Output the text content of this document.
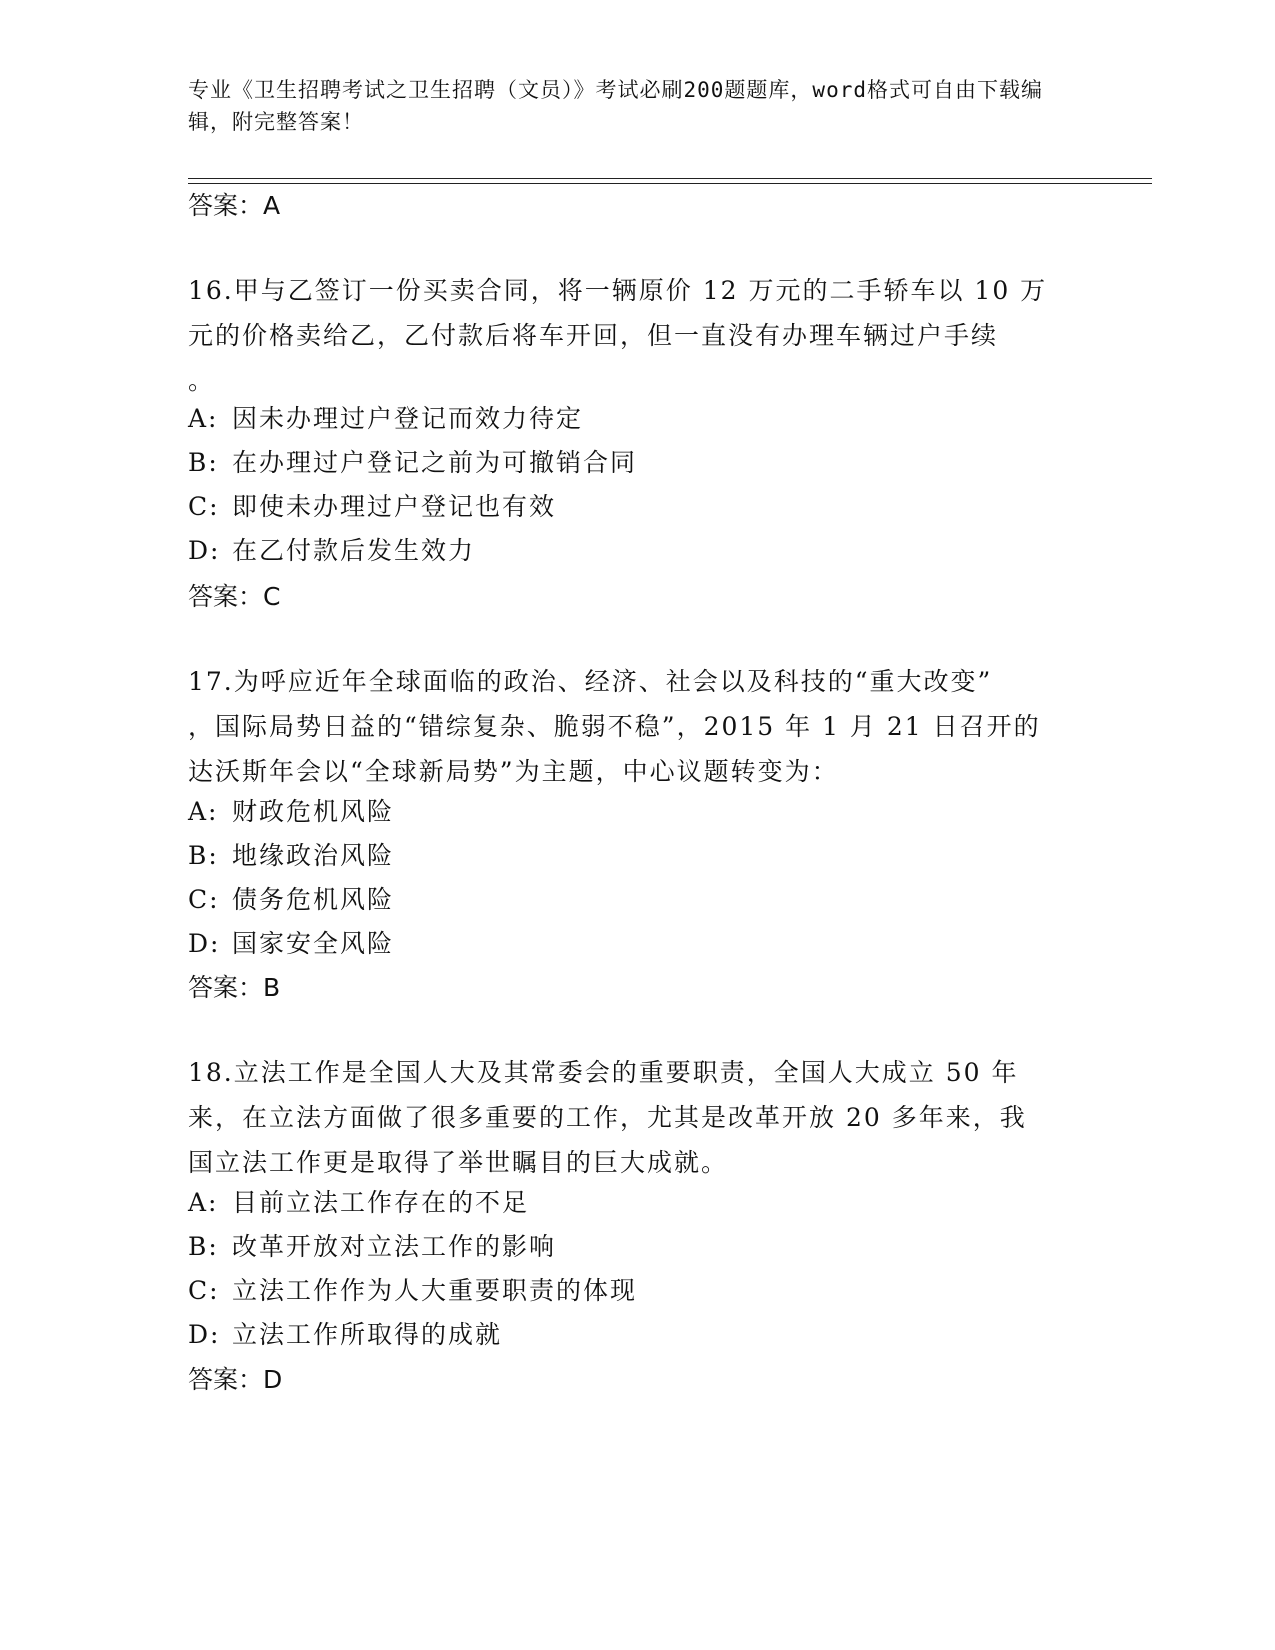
专业《卫生招聘考试之卫生招聘（文员）》考试必刷200题题库，word格式可自由下载编辑，附完整答案！
答案：A
16.甲与乙签订一份买卖合同，将一辆原价 12 万元的二手轿车以 10 万
元的价格卖给乙，乙付款后将车开回，但一直没有办理车辆过户手续
。
A: 因未办理过户登记而效力待定
B: 在办理过户登记之前为可撤销合同
C: 即使未办理过户登记也有效
D: 在乙付款后发生效力
答案：C
17.为呼应近年全球面临的政治、经济、社会以及科技的“重大改变”
，国际局势日益的“错综复杂、脆弱不稳”，2015 年 1 月 21 日召开的
达沃斯年会以“全球新局势”为主题，中心议题转变为：
A: 财政危机风险
B: 地缘政治风险
C: 债务危机风险
D: 国家安全风险
答案：B
18.立法工作是全国人大及其常委会的重要职责，全国人大成立 50 年
来，在立法方面做了很多重要的工作，尤其是改革开放 20 多年来，我
国立法工作更是取得了举世瞩目的巨大成就。
A: 目前立法工作存在的不足
B: 改革开放对立法工作的影响
C: 立法工作作为人大重要职责的体现
D: 立法工作所取得的成就
答案：D
